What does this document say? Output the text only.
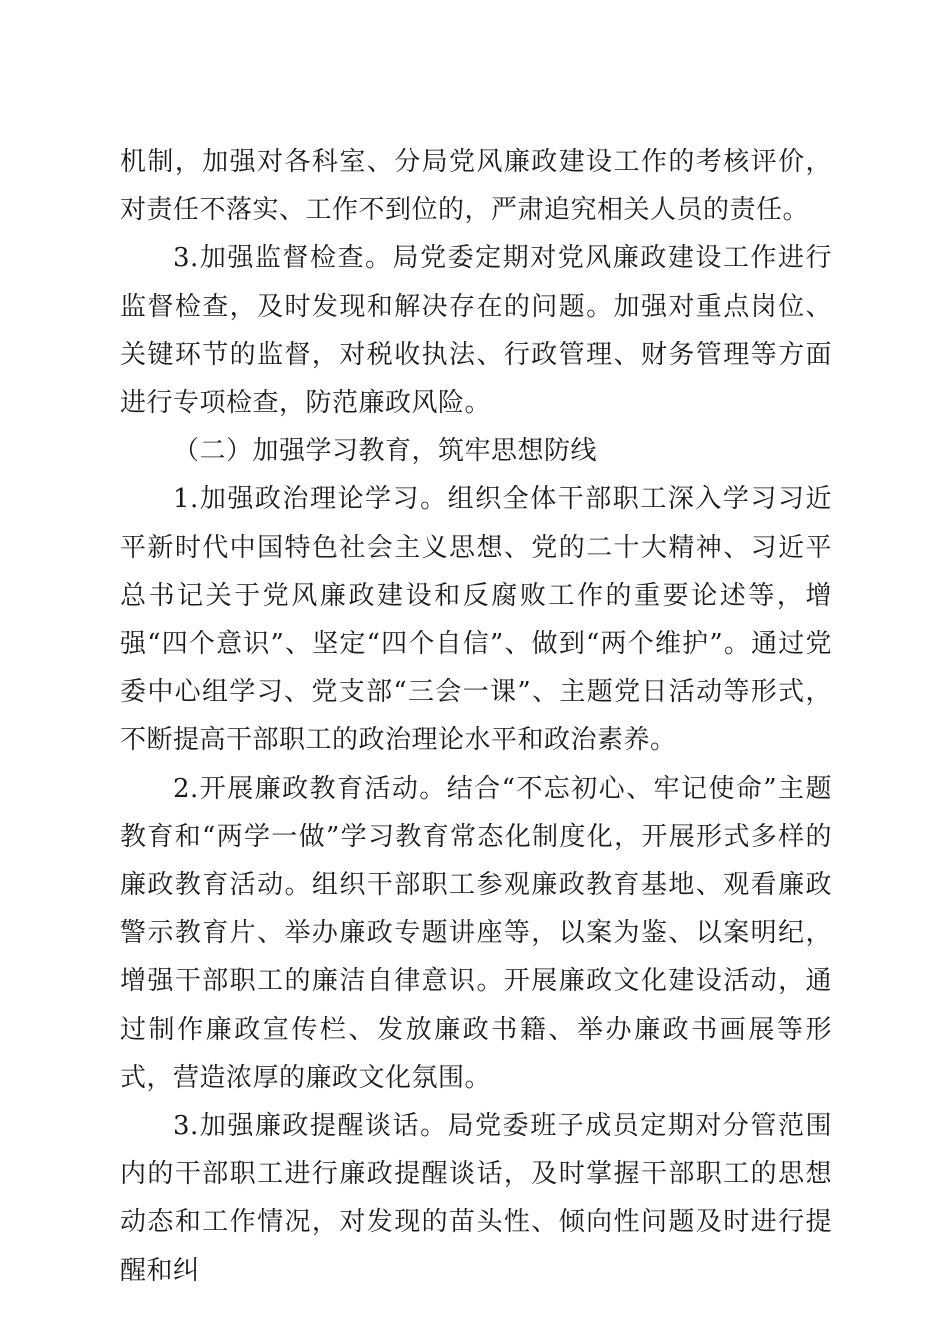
机制，加强对各科室、分局党风廉政建设工作的考核评价，对责任不落实、工作不到位的，严肃追究相关人员的责任。

3.加强监督检查。局党委定期对党风廉政建设工作进行监督检查，及时发现和解决存在的问题。加强对重点岗位、关键环节的监督，对税收执法、行政管理、财务管理等方面进行专项检查，防范廉政风险。

（二）加强学习教育，筑牢思想防线

1.加强政治理论学习。组织全体干部职工深入学习习近平新时代中国特色社会主义思想、党的二十大精神、习近平总书记关于党风廉政建设和反腐败工作的重要论述等，增强“四个意识”、坚定“四个自信”、做到“两个维护”。通过党委中心组学习、党支部“三会一课”、主题党日活动等形式，不断提高干部职工的政治理论水平和政治素养。

2.开展廉政教育活动。结合“不忘初心、牢记使命”主题教育和“两学一做”学习教育常态化制度化，开展形式多样的廉政教育活动。组织干部职工参观廉政教育基地、观看廉政警示教育片、举办廉政专题讲座等，以案为鉴、以案明纪，增强干部职工的廉洁自律意识。开展廉政文化建设活动，通过制作廉政宣传栏、发放廉政书籍、举办廉政书画展等形式，营造浓厚的廉政文化氛围。

3.加强廉政提醒谈话。局党委班子成员定期对分管范围内的干部职工进行廉政提醒谈话，及时掌握干部职工的思想动态和工作情况，对发现的苗头性、倾向性问题及时进行提醒和纠
